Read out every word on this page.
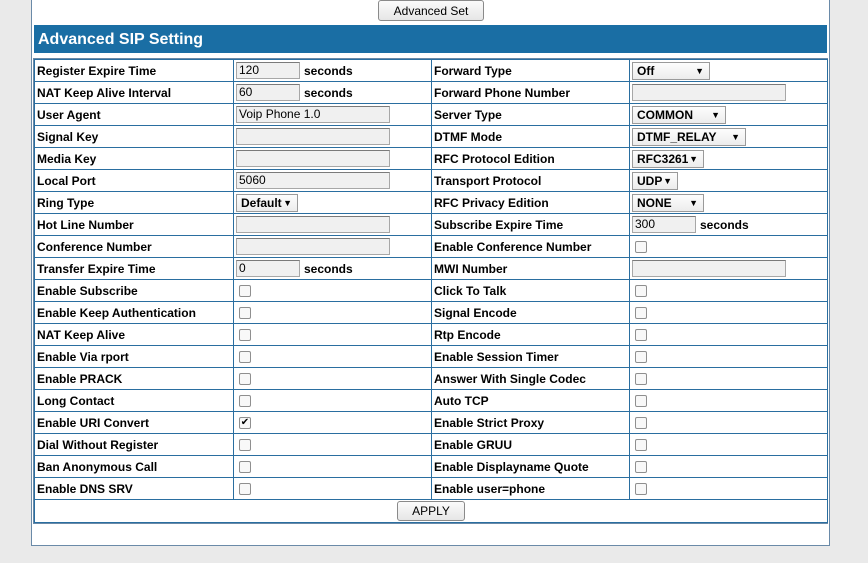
Advanced Set
Advanced SIP Setting
Register Expire Time	120 seconds	Forward Type	Off ▼

NAT Keep Alive Interval	60 seconds	Forward Phone Number	
User Agent	Voip Phone 1.0	Server Type	COMMON ▼

Signal Key		DTMF Mode	DTMF_RELAY ▼

Media Key		RFC Protocol Edition	RFC3261 ▼

Local Port	5060	Transport Protocol	UDP ▼

Ring Type	Default ▼	RFC Privacy Edition	NONE ▼

Hot Line Number		Subscribe Expire Time	300 seconds
Conference Number		Enable Conference Number	
Transfer Expire Time	0 seconds	MWI Number	
Enable Subscribe		Click To Talk	
Enable Keep Authentication		Signal Encode	
NAT Keep Alive		Rtp Encode	
Enable Via rport		Enable Session Timer	
Enable PRACK		Answer With Single Codec	
Long Contact		Auto TCP	
Enable URI Convert	✔	Enable Strict Proxy	
Dial Without Register		Enable GRUU	
Ban Anonymous Call		Enable Displayname Quote	
Enable DNS SRV		Enable user=phone	
APPLY			
